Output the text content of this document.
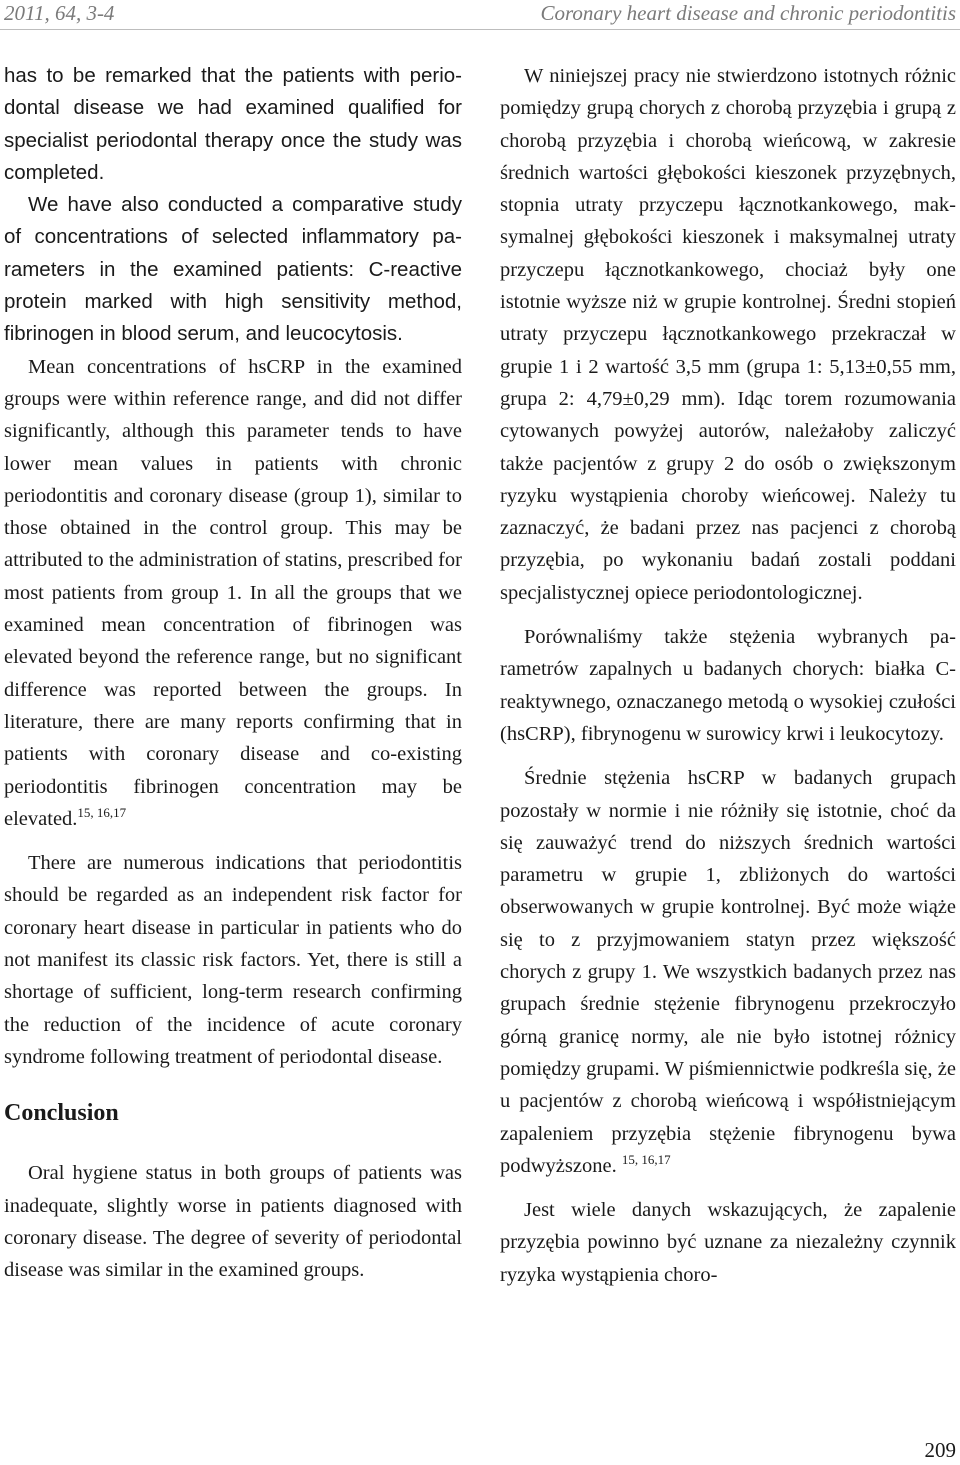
2011, 64, 3-4	Coronary heart disease and chronic periodontitis

has to be remarked that the patients with periodontal disease we had examined qualified for specialist periodontal therapy once the study was completed.

We have also conducted a comparative study of concentrations of selected inflammatory parameters in the examined patients: C-reactive protein marked with high sensitivity method, fibrinogen in blood serum, and leucocytosis.

Mean concentrations of hsCRP in the examined groups were within reference range, and did not differ significantly, although this parameter tends to have lower mean values in patients with chronic periodontitis and coronary disease (group 1), similar to those obtained in the control group. This may be attributed to the administration of statins, prescribed for most patients from group 1. In all the groups that we examined mean concentration of fibrinogen was elevated beyond the reference range, but no significant difference was reported between the groups. In literature, there are many reports confirming that in patients with coronary disease and co-existing periodontitis fibrinogen concentration may be elevated.$^{15, 16,17}$

There are numerous indications that periodontitis should be regarded as an independent risk factor for coronary heart disease in particular in patients who do not manifest its classic risk factors. Yet, there is still a shortage of sufficient, long-term research confirming the reduction of the incidence of acute coronary syndrome following treatment of periodontal disease.

Conclusion

Oral hygiene status in both groups of patients was inadequate, slightly worse in patients diagnosed with coronary disease. The degree of severity of periodontal disease was similar in the examined groups.

W niniejszej pracy nie stwierdzono istotnych różnic pomiędzy grupą chorych z chorobą przyzębia i grupą z chorobą przyzębia i chorobą wieńcową, w zakresie średnich wartości głębokości kieszonek przyzębnych, stopnia utraty przyczepu łącznotkankowego, maksymalnej głębokości kieszonek i maksymalnej utraty przyczepu łącznotkankowego, chociaż były one istotnie wyższe niż w grupie kontrolnej. Średni stopień utraty przyczepu łącznotkankowego przekraczał w grupie 1 i 2 wartość 3,5 mm (grupa 1: 5,13±0,55 mm, grupa 2: 4,79±0,29 mm). Idąc torem rozumowania cytowanych powyżej autorów, należałoby zaliczyć także pacjentów z grupy 2 do osób o zwiększonym ryzyku wystąpienia choroby wieńcowej. Należy tu zaznaczyć, że badani przez nas pacjenci z chorobą przyzębia, po wykonaniu badań zostali poddani specjalistycznej opiece periodontologicznej.

Porównaliśmy także stężenia wybranych parametrów zapalnych u badanych chorych: białka C-reaktywnego, oznaczanego metodą o wysokiej czułości (hsCRP), fibrynogenu w surowicy krwi i leukocytozy.

Średnie stężenia hsCRP w badanych grupach pozostały w normie i nie różniły się istotnie, choć da się zauważyć trend do niższych średnich wartości parametru w grupie 1, zbliżonych do wartości obserwowanych w grupie kontrolnej. Być może wiąże się to z przyjmowaniem statyn przez większość chorych z grupy 1. We wszystkich badanych przez nas grupach średnie stężenie fibrynogenu przekroczyło górną granicę normy, ale nie było istotnej różnicy pomiędzy grupami. W piśmiennictwie podkreśla się, że u pacjentów z chorobą wieńcową i współistniejącym zapaleniem przyzębia stężenie fibrynogenu bywa podwyższone. $^{15, 16,17}$

Jest wiele danych wskazujących, że zapalenie przyzębia powinno być uznane za niezależny czynnik ryzyka wystąpienia choro-

209
